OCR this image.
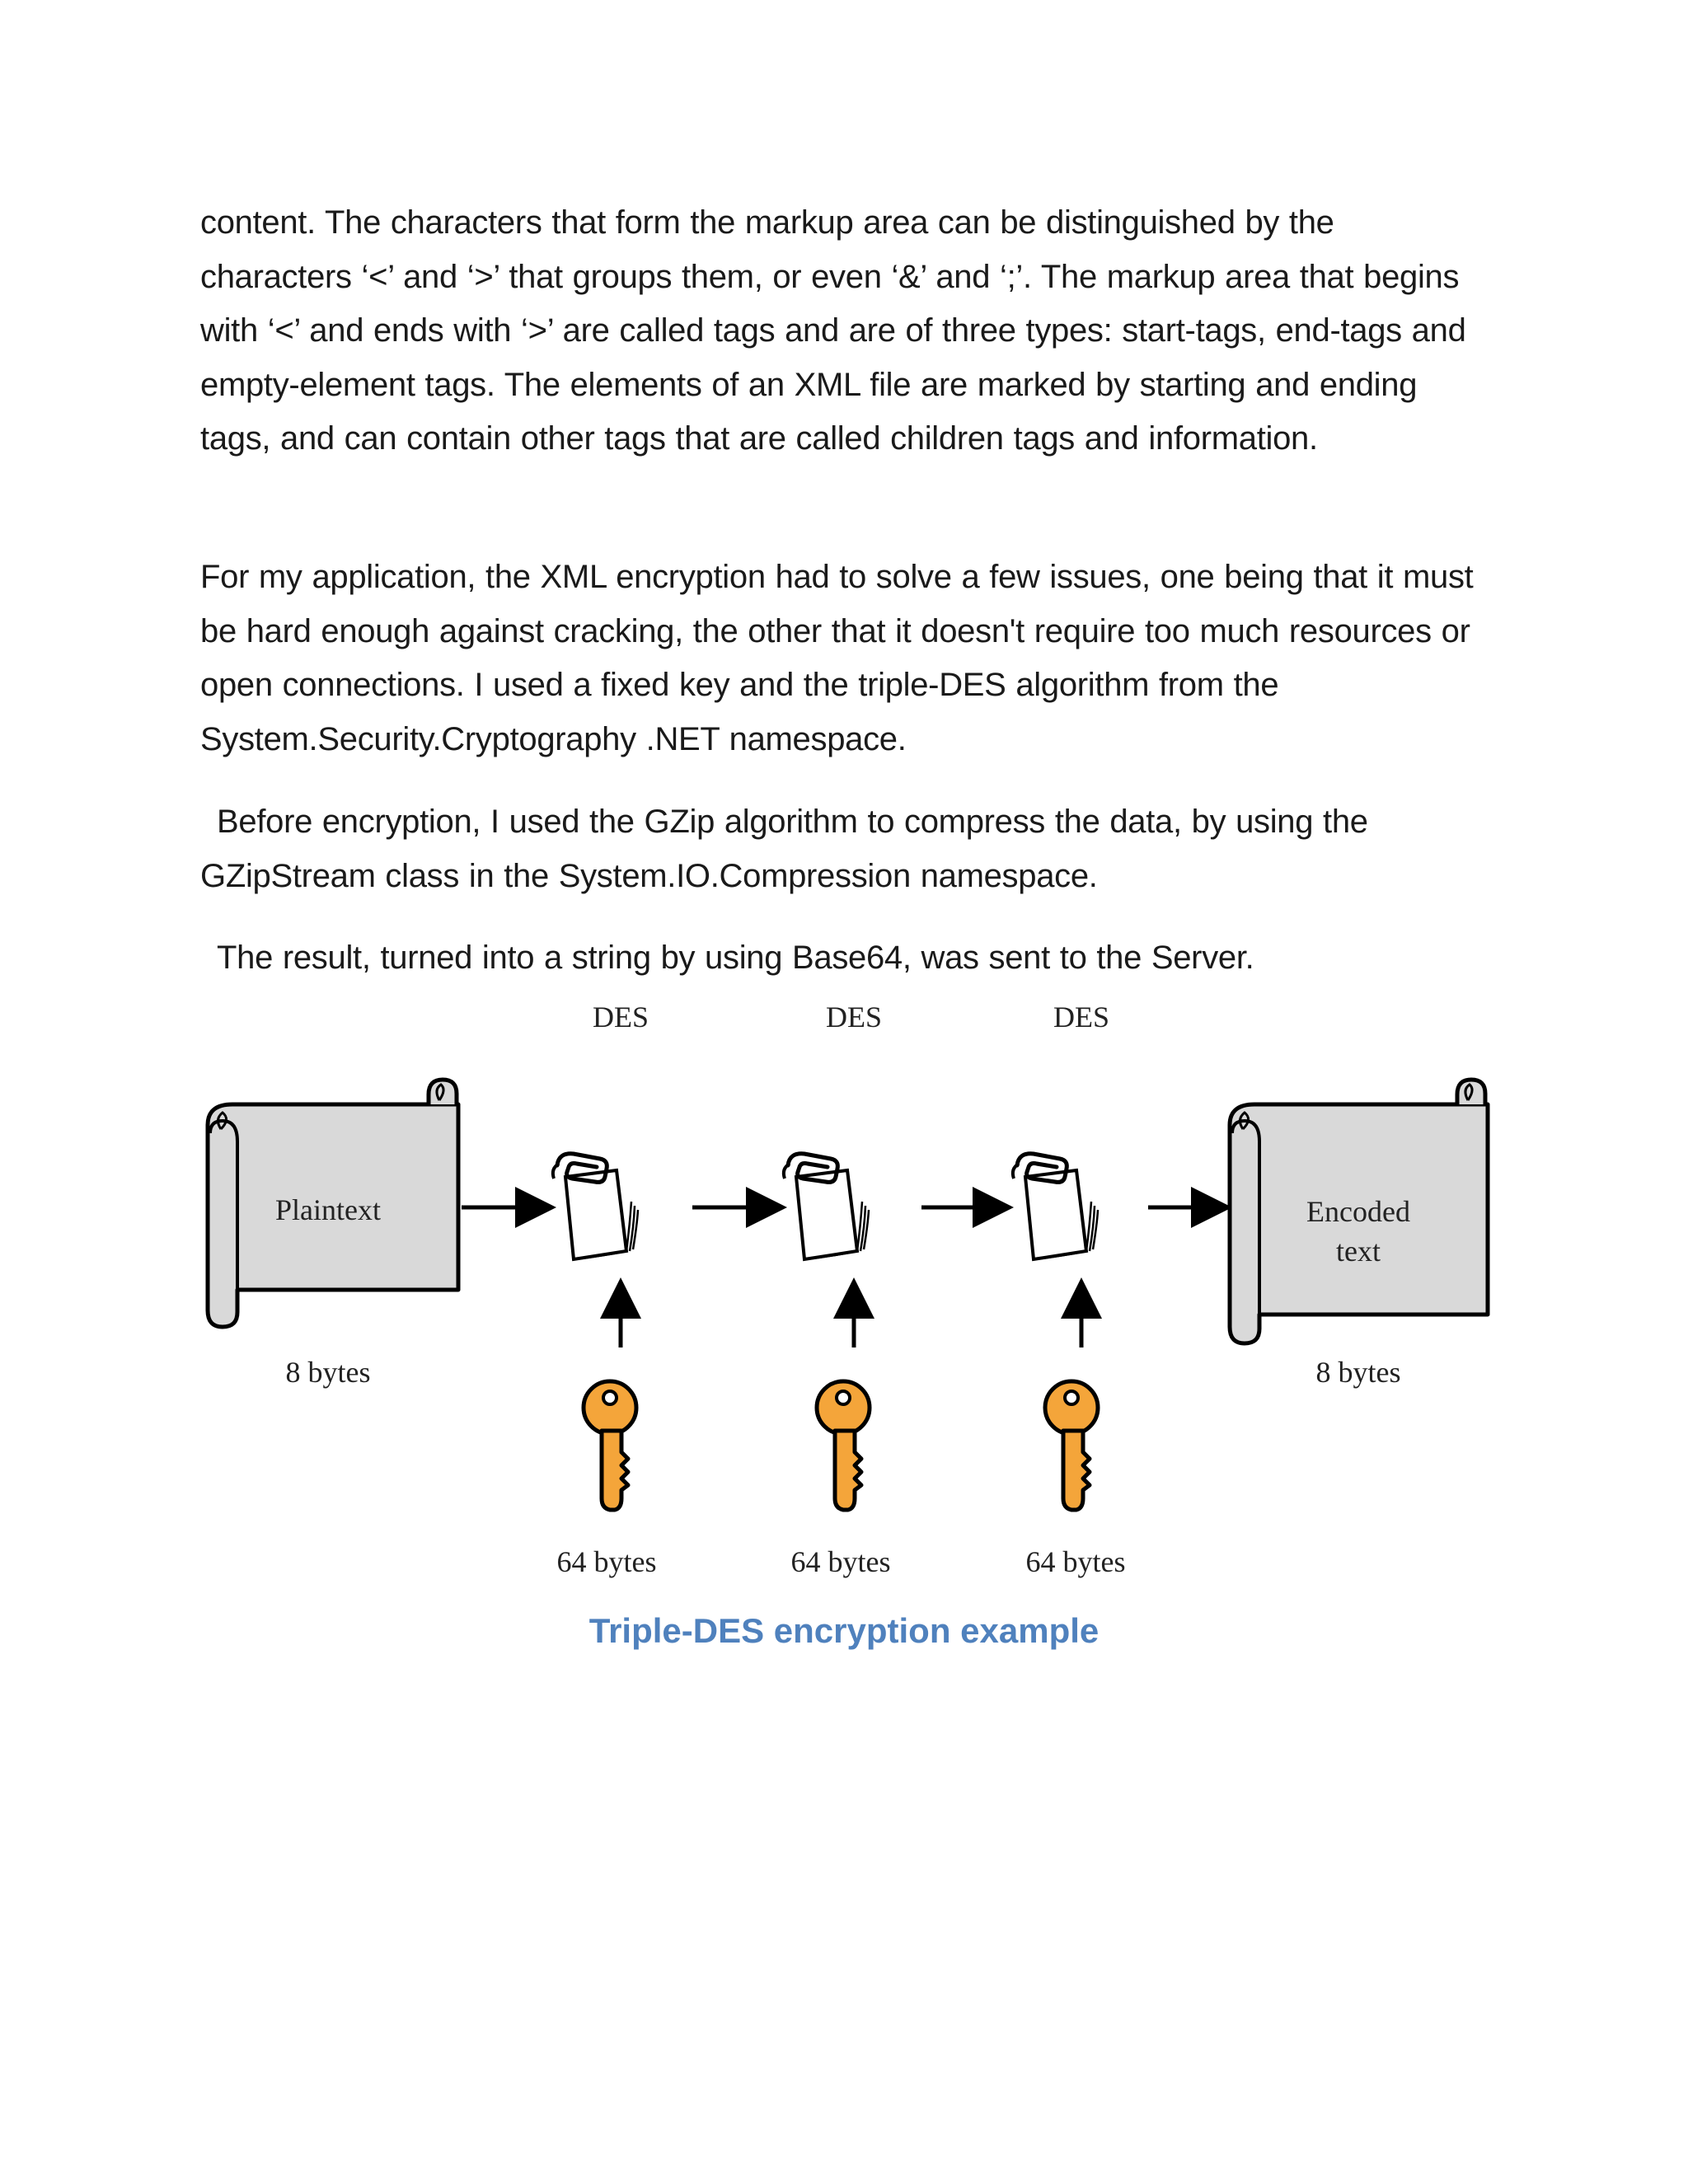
content. The characters that form the markup area can be distinguished by the characters ‘<’ and ‘>’ that groups them, or even ‘&’ and ‘;’. The markup area that begins with ‘<’ and ends with ‘>’ are called tags and are of three types: start-tags, end-tags and empty-element tags. The elements of an XML file are marked by starting and ending tags, and can contain other tags that are called children tags and information.

For my application, the XML encryption had to solve a few issues, one being that it must be hard enough against cracking, the other that it doesn't require too much resources or open connections. I used a fixed key and the triple-DES algorithm from the System.Security.Cryptography .NET namespace.

Before encryption, I used the GZip algorithm to compress the data, by using the GZipStream class in the System.IO.Compression namespace.

The result, turned into a string by using Base64, was sent to the Server.

DES	DES	DES
Plaintext
8 bytes
64 bytes	64 bytes	64 bytes
Encoded
text
8 bytes

Triple-DES encryption example
